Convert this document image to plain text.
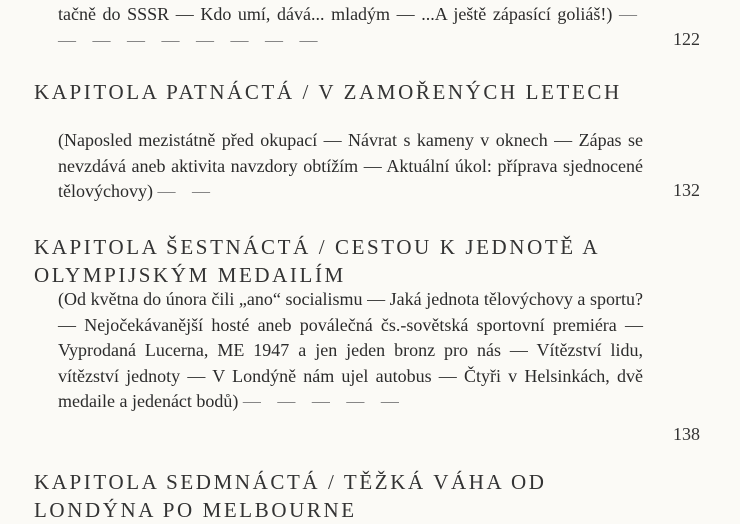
tačně do SSSR — Kdo umí, dává... mladým — ...A ještě zápasící goliáš!) — — — — — — — — —	122
KAPITOLA PATNÁCTÁ / V ZAMOŘENÝCH LETECH
(Naposled mezistátně před okupací — Návrat s kameny v oknech — Zápas se nevzdává aneb aktivita navzdory obtížím — Aktuální úkol: příprava sjednocené tělovýchovy) — —	132
KAPITOLA ŠESTNÁCTÁ / CESTOU K JEDNOTĚ A OLYMPIJSKÝM MEDAILÍM
(Od května do února čili „ano“ socialismu — Jaká jednota tělovýchovy a sportu? — Nejočekávanější hosté aneb poválečná čs.-sovětská sportovní premiéra — Vyprodaná Lucerna, ME 1947 a jen jeden bronz pro nás — Vítězství lidu, vítězství jednoty — V Londýně nám ujel autobus — Čtyři v Helsinkách, dvě medaile a jedenáct bodů) — — — — —
138
KAPITOLA SEDMNÁCTÁ / TĚŽKÁ VÁHA OD LONDÝNA PO MELBOURNE
